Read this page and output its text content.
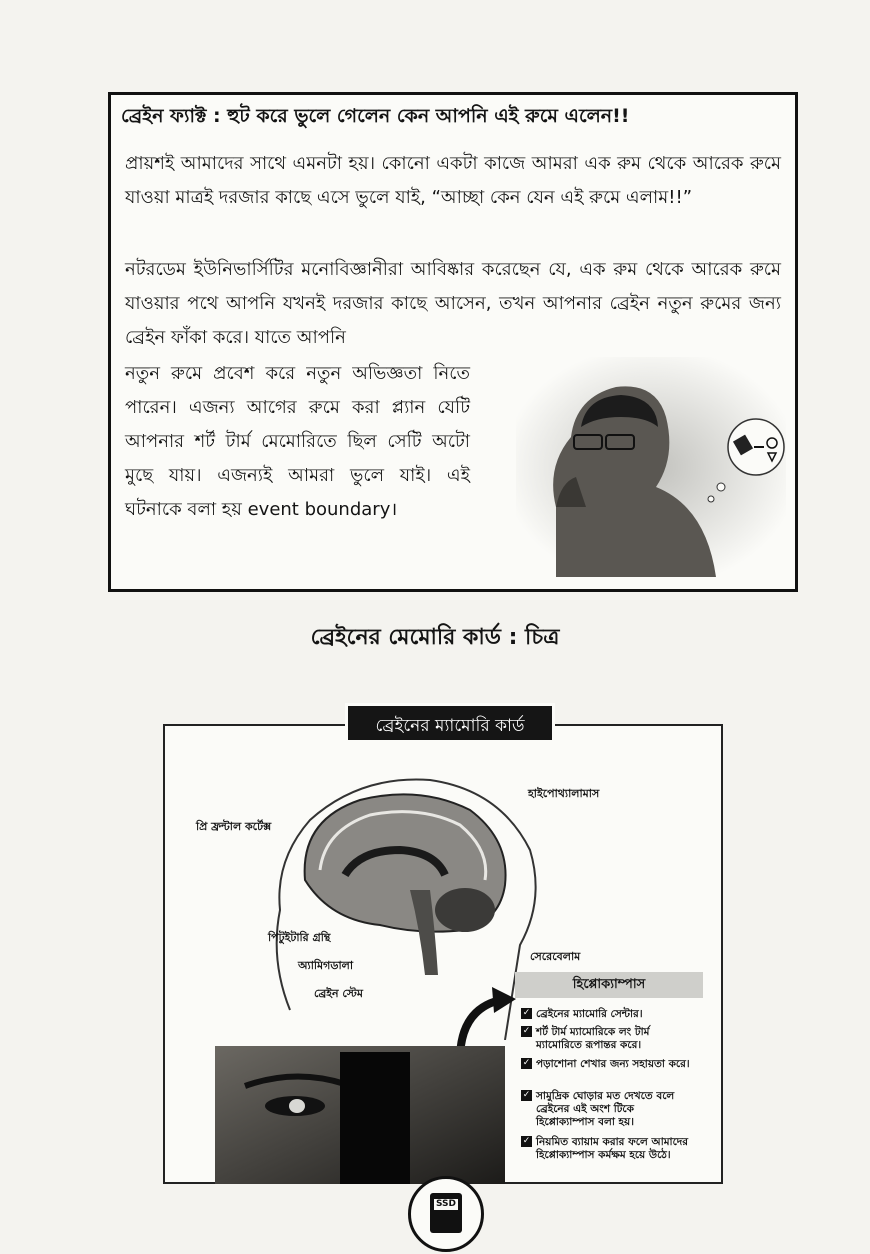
ব্রেইন ফ্যাক্ট : হুট করে ভুলে গেলেন কেন আপনি এই রুমে এলেন!!

প্রায়শই আমাদের সাথে এমনটা হয়। কোনো একটা কাজে আমরা এক রুম থেকে আরেক রুমে যাওয়া মাত্রই দরজার কাছে এসে ভুলে যাই, “আচ্ছা কেন যেন এই রুমে এলাম!!”

নটরডেম ইউনিভার্সিটির মনোবিজ্ঞানীরা আবিষ্কার করেছেন যে, এক রুম থেকে আরেক রুমে যাওয়ার পথে আপনি যখনই দরজার কাছে আসেন, তখন আপনার ব্রেইন নতুন রুমের জন্য ব্রেইন ফাঁকা করে। যাতে আপনি

নতুন রুমে প্রবেশ করে নতুন অভিজ্ঞতা নিতে পারেন। এজন্য আগের রুমে করা প্ল্যান যেটি আপনার শর্ট টার্ম মেমোরিতে ছিল সেটি অটো মুছে যায়। এজন্যই আমরা ভুলে যাই। এই ঘটনাকে বলা হয় event boundary।

ব্রেইনের মেমোরি কার্ড : চিত্র
ব্রেইনের ম্যামোরি কার্ড
প্রি ফ্রন্টাল কর্টেক্স
হাইপোথ্যালামাস
পিটুইটারি গ্রন্থি
অ্যামিগডালা
ব্রেইন স্টেম
সেরেবেলাম
হিপ্পোক্যাম্পাস
✓ ব্রেইনের ম্যামোরি সেন্টার।
✓ শর্ট টার্ম ম্যামোরিকে লং টার্ম ম্যামোরিতে রূপান্তর করে।
✓ পড়াশোনা শেখার জন্য সহায়তা করে।
✓ সামুদ্রিক ঘোড়ার মত দেখতে বলে ব্রেইনের এই অংশ টিকে হিপ্পোক্যাম্পাস বলা হয়।
✓ নিয়মিত ব্যায়াম করার ফলে আমাদের হিপ্পোক্যাম্পাস কর্মক্ষম হয়ে উঠে।
SSD
